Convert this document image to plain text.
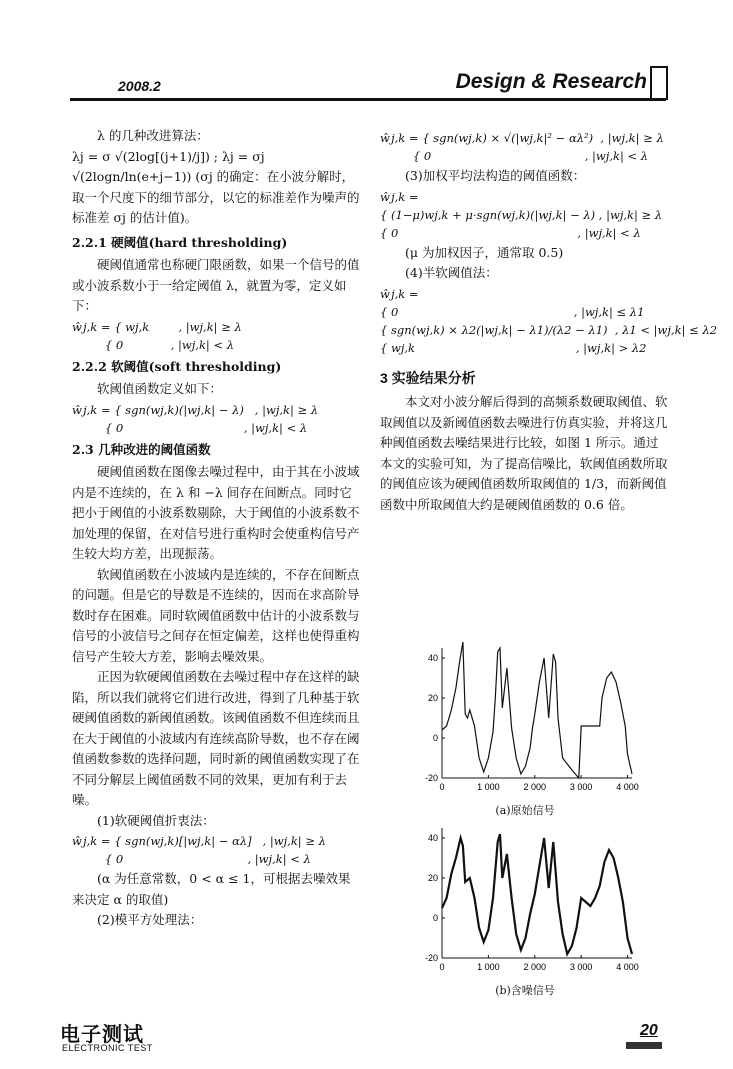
2008.2	Design & Research

λ 的几种改进算法：

λj = σ √(2log[(j+1)/j]) ; λj = σj √(2logn/ln(e+j−1)) (σj 的确定：在小波分解时，取一个尺度下的细节部分，以它的标准差作为噪声的标准差 σj 的估计值)。

2.2.1 硬阈值(hard thresholding)

硬阈值通常也称硬门限函数，如果一个信号的值或小波系数小于一给定阈值 λ，就置为零，定义如下：

ŵj,k = { wj,k        , |wj,k| ≥ λ

{ 0             , |wj,k| < λ

2.2.2 软阈值(soft thresholding)

软阈值函数定义如下：

ŵj,k = { sgn(wj,k)(|wj,k| − λ)   , |wj,k| ≥ λ

{ 0                                 , |wj,k| < λ

2.3 几种改进的阈值函数

硬阈值函数在图像去噪过程中，由于其在小波域内是不连续的，在 λ 和 −λ 间存在间断点。同时它把小于阈值的小波系数剔除，大于阈值的小波系数不加处理的保留，在对信号进行重构时会使重构信号产生较大均方差，出现振荡。

软阈值函数在小波域内是连续的，不存在间断点的问题。但是它的导数是不连续的，因而在求高阶导数时存在困难。同时软阈值函数中估计的小波系数与信号的小波信号之间存在恒定偏差，这样也使得重构信号产生较大方差，影响去噪效果。

正因为软硬阈值函数在去噪过程中存在这样的缺陷，所以我们就将它们进行改进，得到了几种基于软硬阈值函数的新阈值函数。该阈值函数不但连续而且在大于阈值的小波域内有连续高阶导数，也不存在阈值函数参数的选择问题，同时新的阈值函数实现了在不同分解层上阈值函数不同的效果，更加有利于去噪。

(1)软硬阈值折衷法：

ŵj,k = { sgn(wj,k)[|wj,k| − αλ]   , |wj,k| ≥ λ

{ 0                                  , |wj,k| < λ

(α 为任意常数，0 < α ≤ 1，可根据去噪效果来决定 α 的取值)

(2)模平方处理法：

ŵj,k = { sgn(wj,k) × √(|wj,k|² − αλ²)  , |wj,k| ≥ λ

{ 0                                          , |wj,k| < λ

(3)加权平均法构造的阈值函数：

ŵj,k =

{ (1−μ)wj,k + μ·sgn(wj,k)(|wj,k| − λ) , |wj,k| ≥ λ

{ 0                                                 , |wj,k| < λ

(μ 为加权因子，通常取 0.5)

(4)半软阈值法：

ŵj,k =

{ 0                                                , |wj,k| ≤ λ1

{ sgn(wj,k) × λ2(|wj,k| − λ1)/(λ2 − λ1)  , λ1 < |wj,k| ≤ λ2

{ wj,k                                            , |wj,k| > λ2

3 实验结果分析

本文对小波分解后得到的高频系数硬取阈值、软取阈值以及新阈值函数去噪进行仿真实验，并将这几种阈值函数去噪结果进行比较，如图 1 所示。通过本文的实验可知，为了提高信噪比，软阈值函数所取的阈值应该为硬阈值函数所取阈值的 1/3，而新阈值函数中所取阈值大约是硬阈值函数的 0.6 倍。

0	1 000	2 000	3 000	4 000
-20
0
20
40
(a)原始信号
0	1 000	2 000	3 000	4 000
-20
0
20
40
(b)含噪信号
电子测试
ELECTRONIC TEST
20
